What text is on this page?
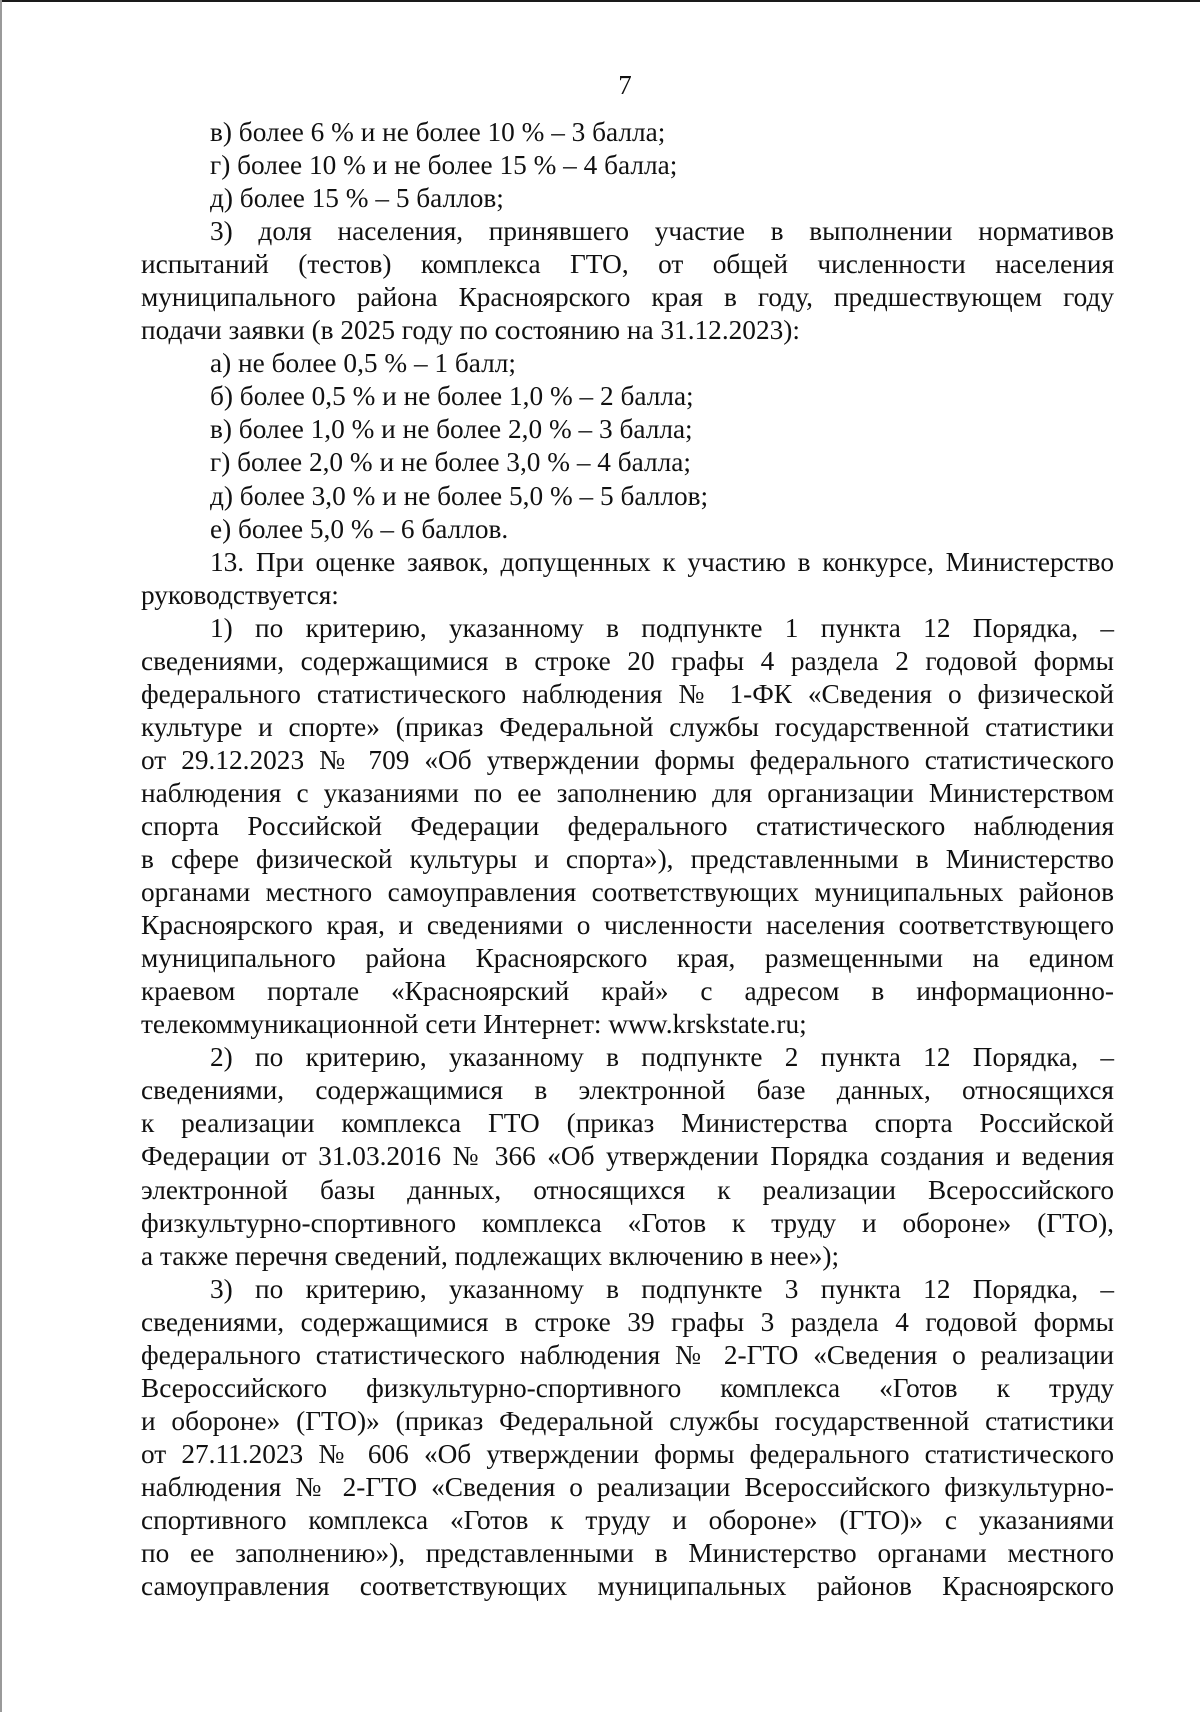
7
в) более 6 % и не более 10 % – 3 балла;
г) более 10 % и не более 15 % – 4 балла;
д) более 15 % – 5 баллов;
3) доля населения, принявшего участие в выполнении нормативов
испытаний (тестов) комплекса ГТО, от общей численности населения
муниципального района Красноярского края в году, предшествующем году
подачи заявки (в 2025 году по состоянию на 31.12.2023):
а) не более 0,5 % – 1 балл;
б) более 0,5 % и не более 1,0 % – 2 балла;
в) более 1,0 % и не более 2,0 % – 3 балла;
г) более 2,0 % и не более 3,0 % – 4 балла;
д) более 3,0 % и не более 5,0 % – 5 баллов;
е) более 5,0 % – 6 баллов.
13. При оценке заявок, допущенных к участию в конкурсе, Министерство
руководствуется:
1) по критерию, указанному в подпункте 1 пункта 12 Порядка, –
сведениями, содержащимися в строке 20 графы 4 раздела 2 годовой формы
федерального статистического наблюдения № 1-ФК «Сведения о физической
культуре и спорте» (приказ Федеральной службы государственной статистики
от 29.12.2023 № 709 «Об утверждении формы федерального статистического
наблюдения с указаниями по ее заполнению для организации Министерством
спорта Российской Федерации федерального статистического наблюдения
в сфере физической культуры и спорта»), представленными в Министерство
органами местного самоуправления соответствующих муниципальных районов
Красноярского края, и сведениями о численности населения соответствующего
муниципального района Красноярского края, размещенными на едином
краевом портале «Красноярский край» с адресом в информационно-
телекоммуникационной сети Интернет: www.krskstate.ru;
2) по критерию, указанному в подпункте 2 пункта 12 Порядка, –
сведениями, содержащимися в электронной базе данных, относящихся
к реализации комплекса ГТО (приказ Министерства спорта Российской
Федерации от 31.03.2016 № 366 «Об утверждении Порядка создания и ведения
электронной базы данных, относящихся к реализации Всероссийского
физкультурно-спортивного комплекса «Готов к труду и обороне» (ГТО),
а также перечня сведений, подлежащих включению в нее»);
3) по критерию, указанному в подпункте 3 пункта 12 Порядка, –
сведениями, содержащимися в строке 39 графы 3 раздела 4 годовой формы
федерального статистического наблюдения № 2-ГТО «Сведения о реализации
Всероссийского физкультурно-спортивного комплекса «Готов к труду
и обороне» (ГТО)» (приказ Федеральной службы государственной статистики
от 27.11.2023 № 606 «Об утверждении формы федерального статистического
наблюдения № 2-ГТО «Сведения о реализации Всероссийского физкультурно-
спортивного комплекса «Готов к труду и обороне» (ГТО)» с указаниями
по ее заполнению»), представленными в Министерство органами местного
самоуправления соответствующих муниципальных районов Красноярского
